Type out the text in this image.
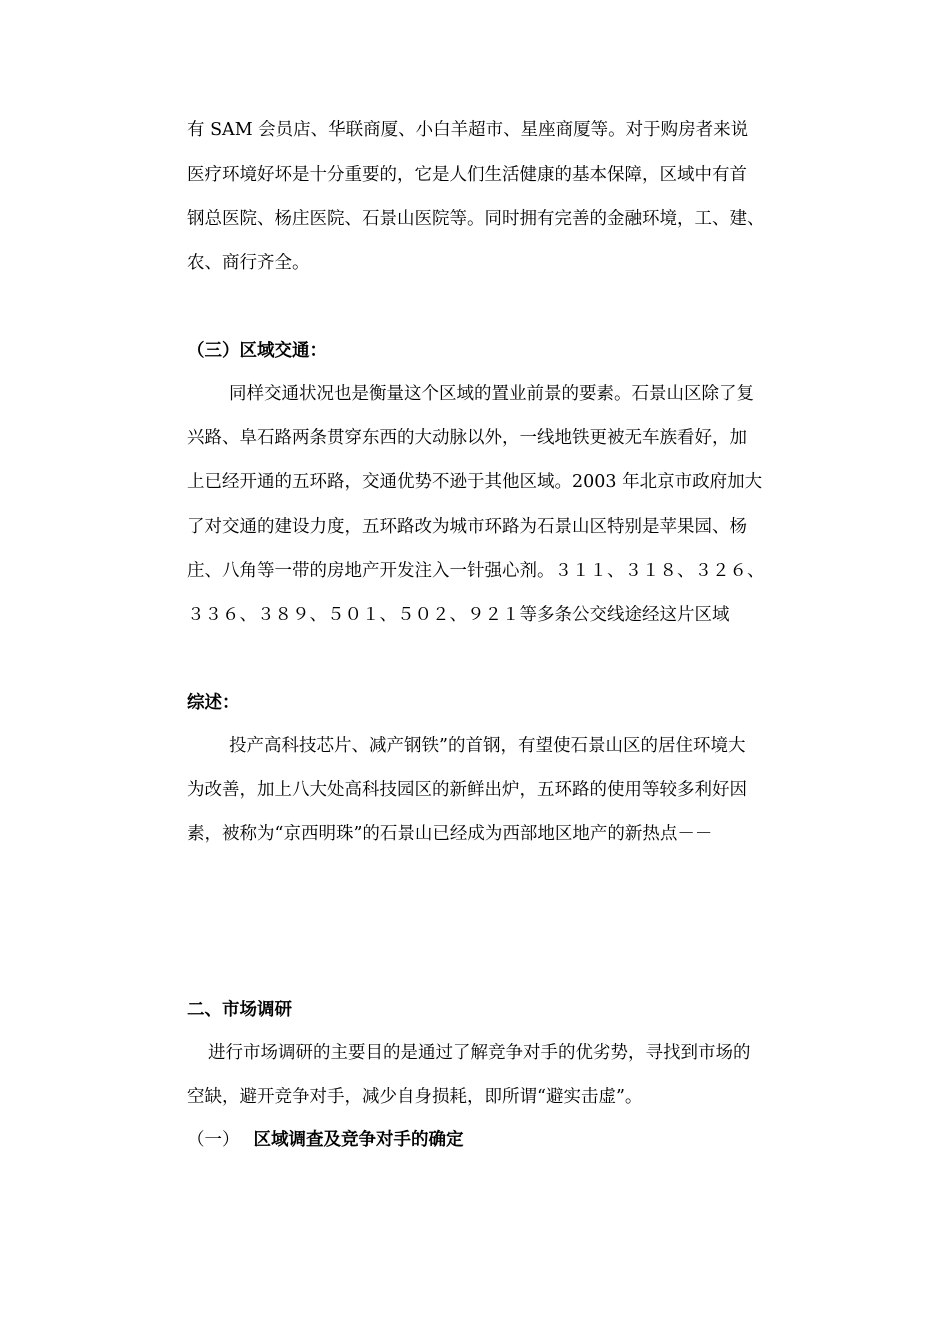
有 SAM 会员店、华联商厦、小白羊超市、星座商厦等。对于购房者来说
医疗环境好坏是十分重要的，它是人们生活健康的基本保障，区域中有首
钢总医院、杨庄医院、石景山医院等。同时拥有完善的金融环境，工、建、
农、商行齐全。
（三）区域交通：
同样交通状况也是衡量这个区域的置业前景的要素。石景山区除了复
兴路、阜石路两条贯穿东西的大动脉以外，一线地铁更被无车族看好，加
上已经开通的五环路，交通优势不逊于其他区域。2003 年北京市政府加大
了对交通的建设力度，五环路改为城市环路为石景山区特别是苹果园、杨
庄、八角等一带的房地产开发注入一针强心剂。３１１、３１８、３２６、
３３６、３８９、５０１、５０２、９２１等多条公交线途经这片区域
综述：
投产高科技芯片、减产钢铁”的首钢，有望使石景山区的居住环境大
为改善，加上八大处高科技园区的新鲜出炉，五环路的使用等较多利好因
素，被称为“京西明珠”的石景山已经成为西部地区地产的新热点－－
二、市场调研
进行市场调研的主要目的是通过了解竞争对手的优劣势，寻找到市场的
空缺，避开竞争对手，减少自身损耗，即所谓“避实击虚”。
（一） 区域调查及竞争对手的确定
